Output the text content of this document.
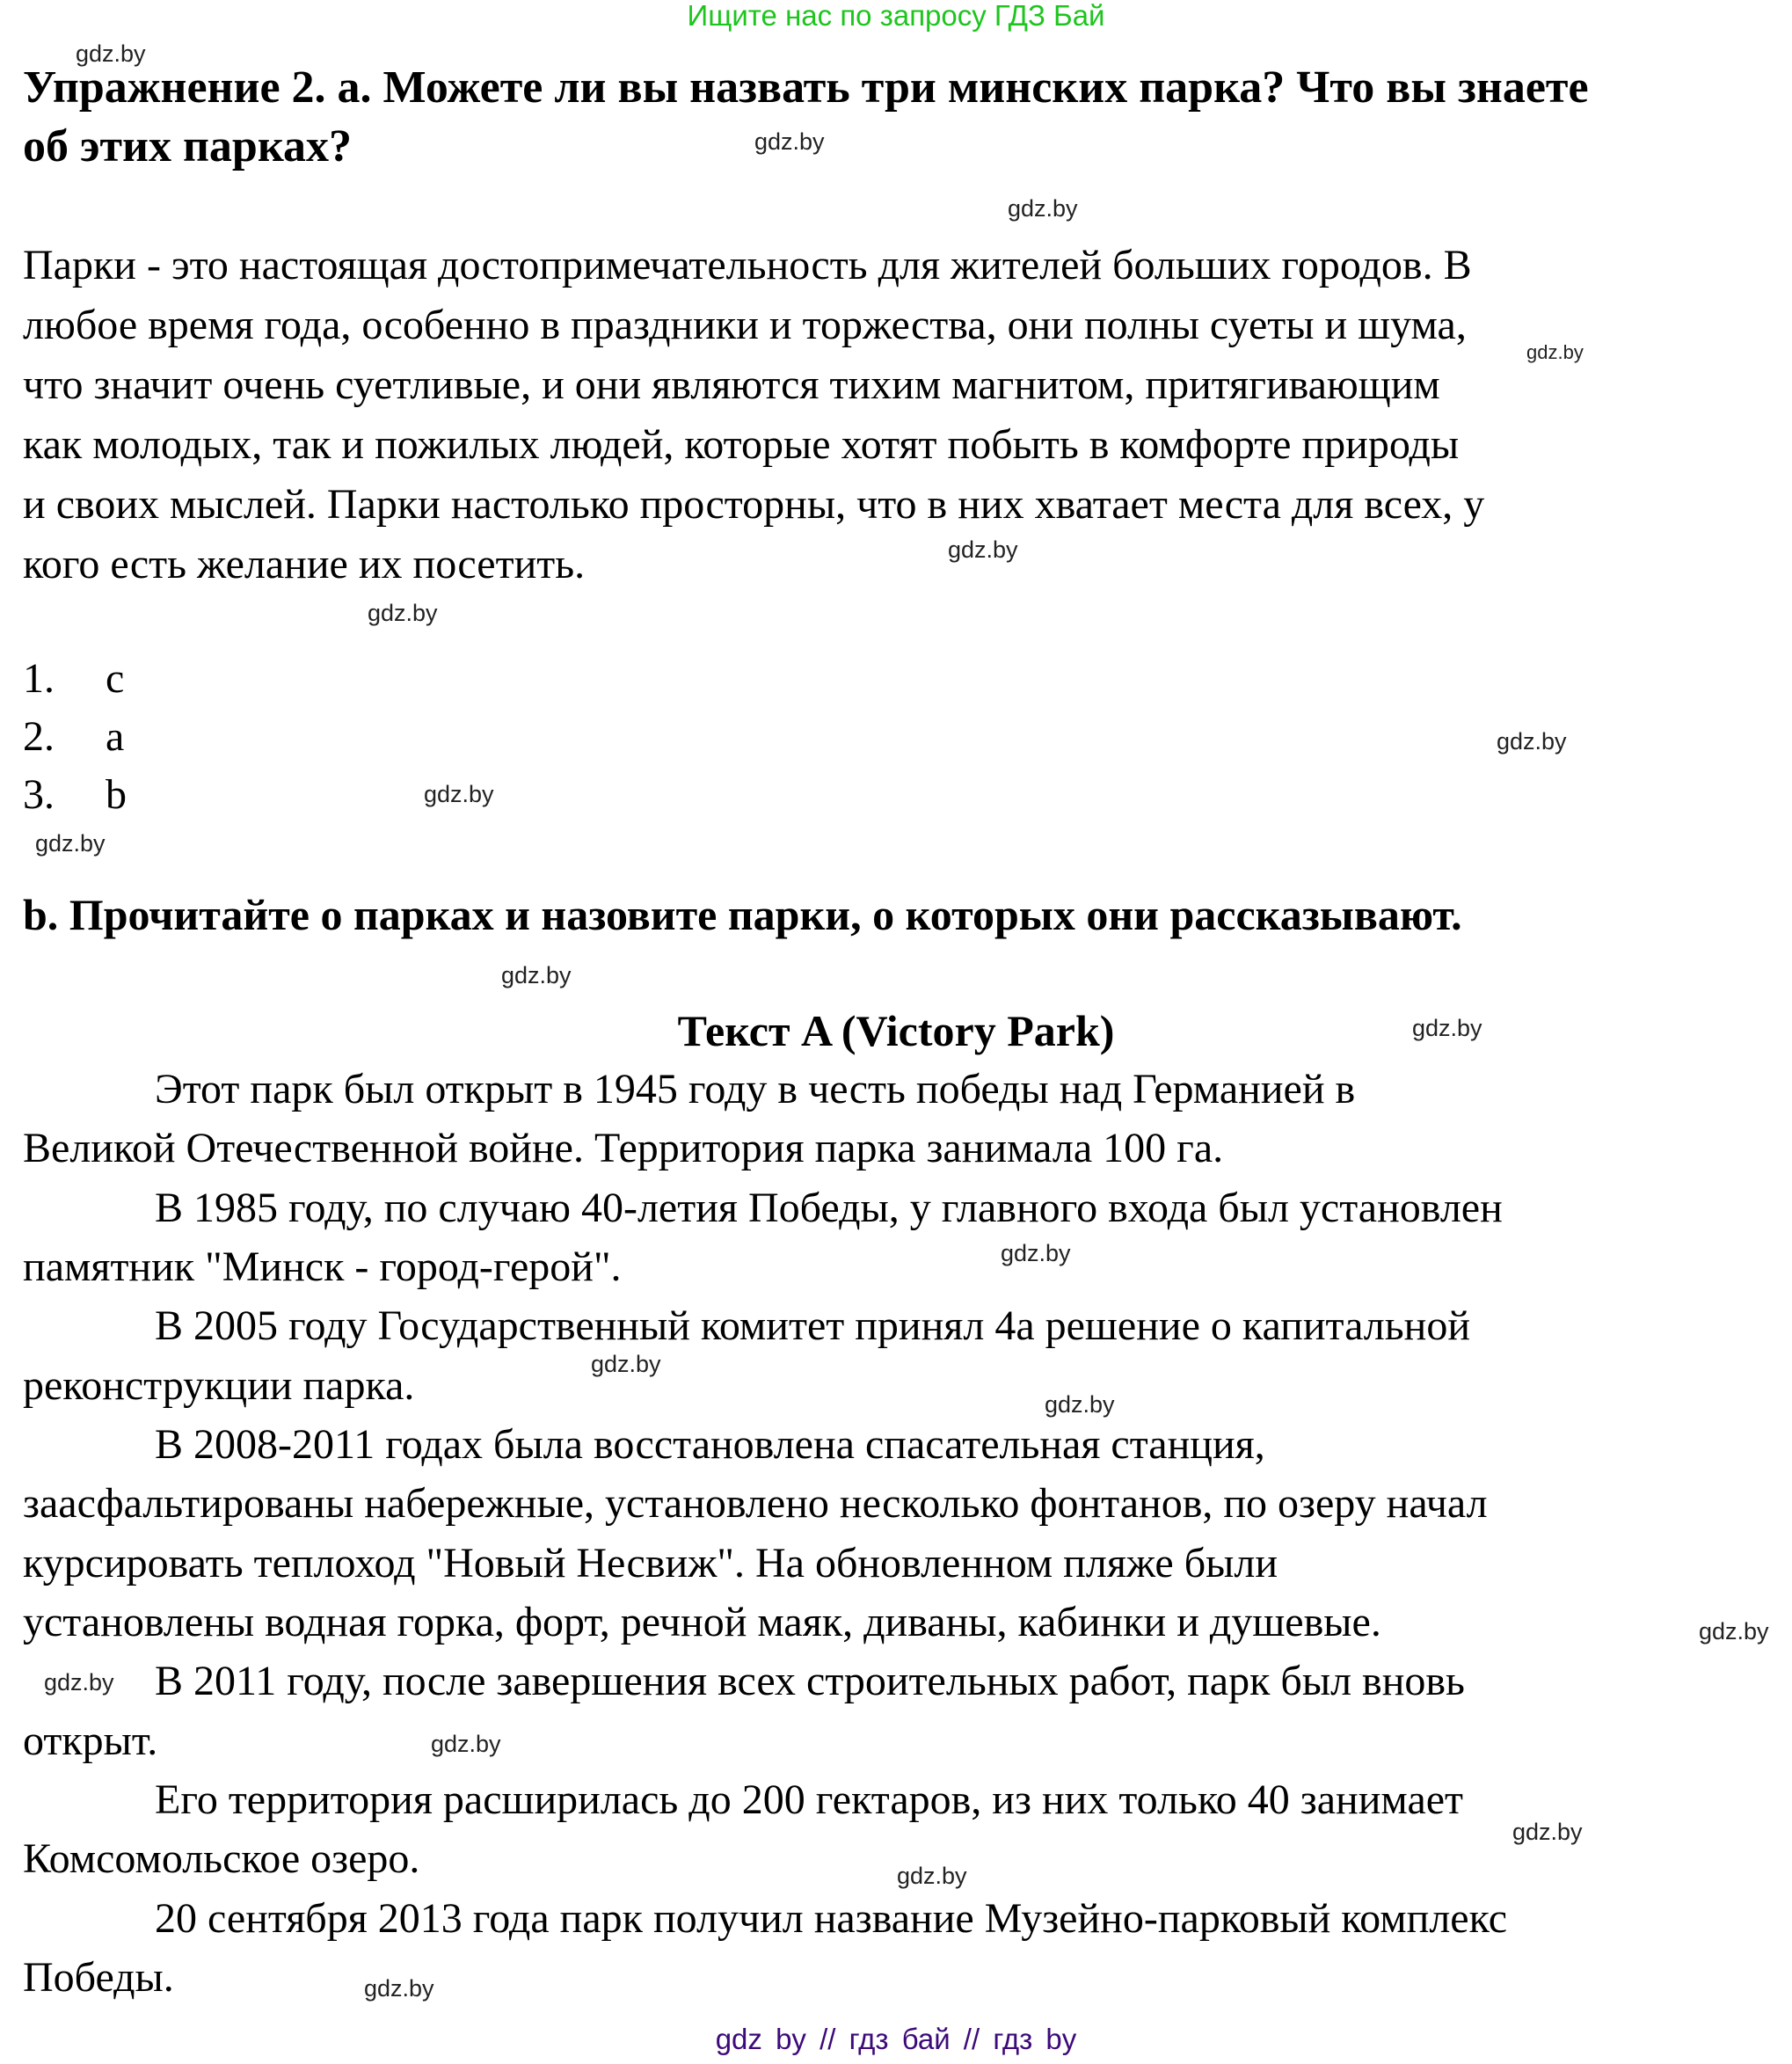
Ищите нас по запросу ГДЗ Бай
Упражнение 2. a. Можете ли вы назвать три минских парка? Что вы знаете
об этих парках?
Парки - это настоящая достопримечательность для жителей больших городов. В
любое время года, особенно в праздники и торжества, они полны суеты и шума,
что значит очень суетливые, и они являются тихим магнитом, притягивающим
как молодых, так и пожилых людей, которые хотят побыть в комфорте природы
и своих мыслей. Парки настолько просторны, что в них хватает места для всех, у
кого есть желание их посетить.
1. c
2. a
3. b
b. Прочитайте о парках и назовите парки, о которых они рассказывают.
Текст A (Victory Park)
Этот парк был открыт в 1945 году в честь победы над Германией в
Великой Отечественной войне. Территория парка занимала 100 га.
В 1985 году, по случаю 40-летия Победы, у главного входа был установлен
памятник "Минск - город-герой".
В 2005 году Государственный комитет принял 4a решение о капитальной
реконструкции парка.
В 2008-2011 годах была восстановлена спасательная станция,
заасфальтированы набережные, установлено несколько фонтанов, по озеру начал
курсировать теплоход "Новый Несвиж". На обновленном пляже были
установлены водная горка, форт, речной маяк, диваны, кабинки и душевые.
В 2011 году, после завершения всех строительных работ, парк был вновь
открыт.
Его территория расширилась до 200 гектаров, из них только 40 занимает
Комсомольское озеро.
20 сентября 2013 года парк получил название Музейно-парковый комплекс
Победы.
gdz.by
gdz.by
gdz.by
gdz.by
gdz.by
gdz.by
gdz.by
gdz.by
gdz.by
gdz.by
gdz.by
gdz.by
gdz.by
gdz.by
gdz.by
gdz.by
gdz.by
gdz.by
gdz.by
gdz.by
gdz by // гдз бай // гдз by
